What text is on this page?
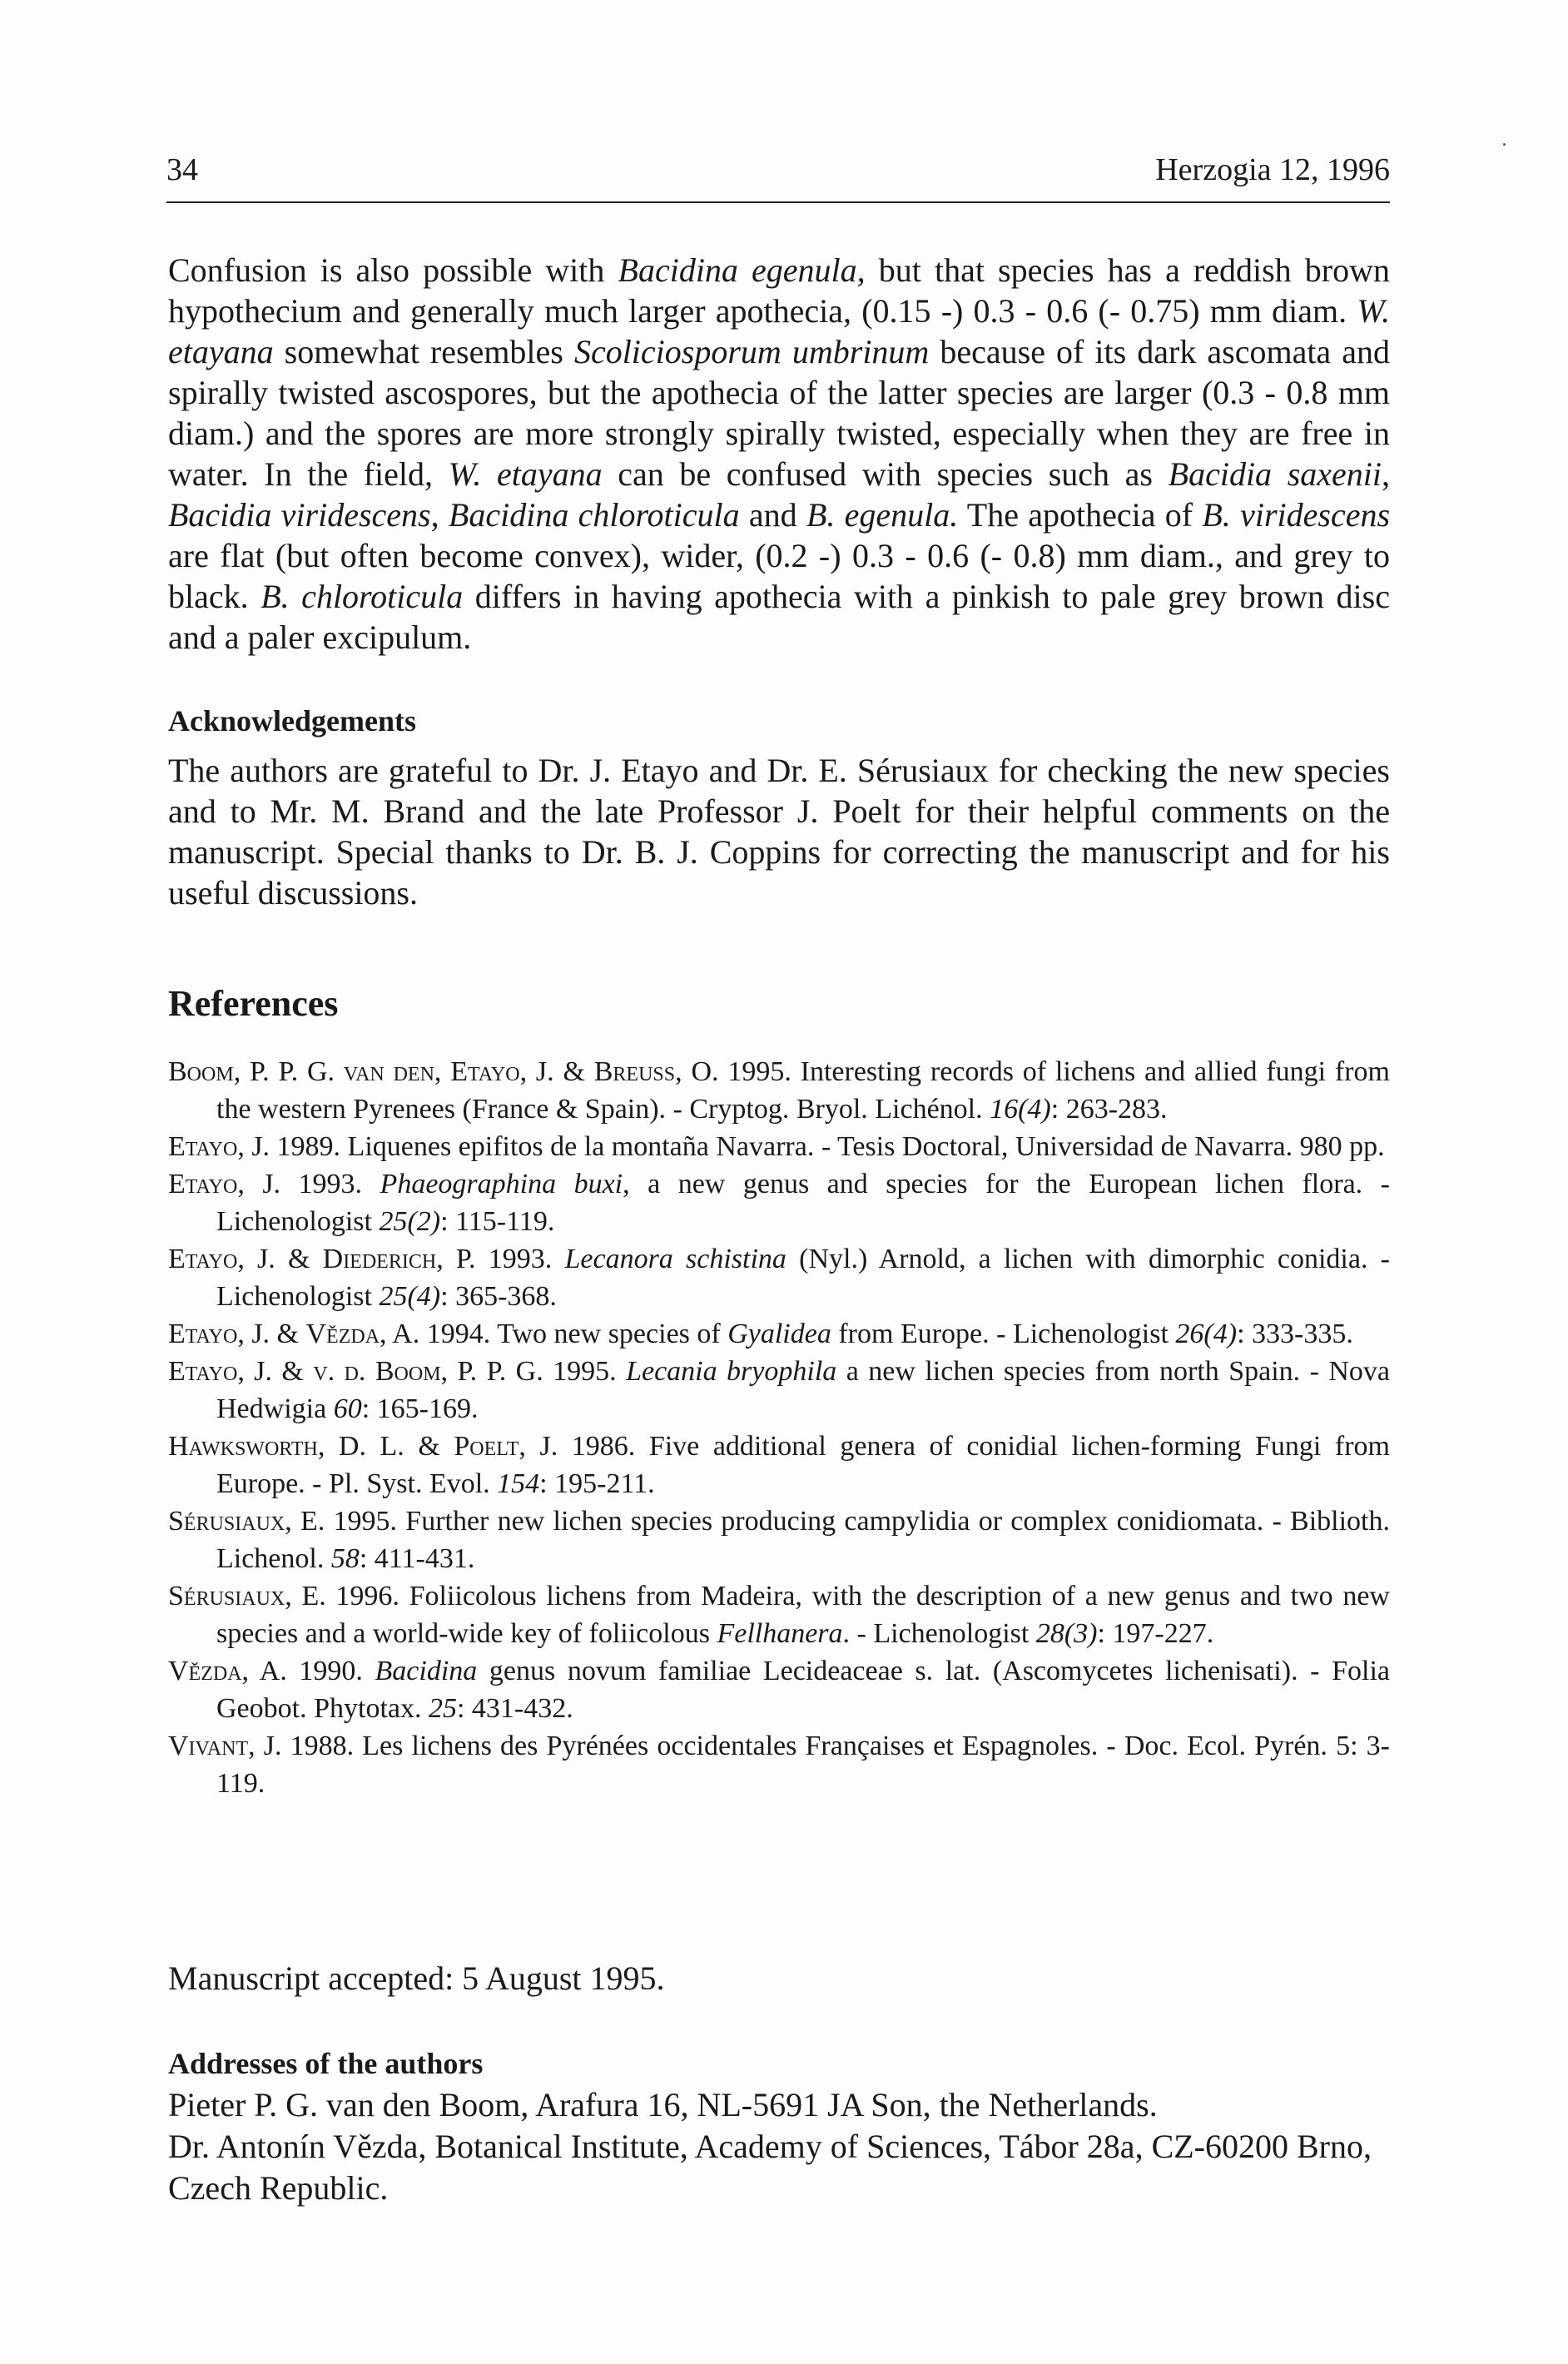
34	Herzogia 12, 1996

Confusion is also possible with Bacidina egenula, but that species has a reddish brown hypothecium and generally much larger apothecia, (0.15 -) 0.3 - 0.6 (- 0.75) mm diam. W. etayana somewhat resembles Scoliciosporum umbrinum because of its dark ascomata and spirally twisted ascospores, but the apothecia of the latter species are larger (0.3 - 0.8 mm diam.) and the spores are more strongly spirally twisted, especially when they are free in water. In the field, W. etayana can be confused with species such as Bacidia saxenii, Bacidia viridescens, Bacidina chloroticula and B. egenula. The apothecia of B. viridescens are flat (but often become convex), wider, (0.2 -) 0.3 - 0.6 (- 0.8) mm diam., and grey to black. B. chloroticula differs in having apothecia with a pinkish to pale grey brown disc and a paler excipulum.

Acknowledgements

The authors are grateful to Dr. J. Etayo and Dr. E. Sérusiaux for checking the new species and to Mr. M. Brand and the late Professor J. Poelt for their helpful comments on the manuscript. Special thanks to Dr. B. J. Coppins for correcting the manuscript and for his useful discussions.

References

Boom, P. P. G. van den, Etayo, J. & Breuss, O. 1995. Interesting records of lichens and allied fungi from the western Pyrenees (France & Spain). - Cryptog. Bryol. Lichénol. 16(4): 263-283.

Etayo, J. 1989. Liquenes epifitos de la montaña Navarra. - Tesis Doctoral, Universidad de Navarra. 980 pp.

Etayo, J. 1993. Phaeographina buxi, a new genus and species for the European lichen flora. - Lichenologist 25(2): 115-119.

Etayo, J. & Diederich, P. 1993. Lecanora schistina (Nyl.) Arnold, a lichen with dimorphic conidia. - Lichenologist 25(4): 365-368.

Etayo, J. & Vězda, A. 1994. Two new species of Gyalidea from Europe. - Lichenologist 26(4): 333-335.

Etayo, J. & v. d. Boom, P. P. G. 1995. Lecania bryophila a new lichen species from north Spain. - Nova Hedwigia 60: 165-169.

Hawksworth, D. L. & Poelt, J. 1986. Five additional genera of conidial lichen-forming Fungi from Europe. - Pl. Syst. Evol. 154: 195-211.

Sérusiaux, E. 1995. Further new lichen species producing campylidia or complex conidiomata. - Biblioth. Lichenol. 58: 411-431.

Sérusiaux, E. 1996. Foliicolous lichens from Madeira, with the description of a new genus and two new species and a world-wide key of foliicolous Fellhanera. - Lichenologist 28(3): 197-227.

Vězda, A. 1990. Bacidina genus novum familiae Lecideaceae s. lat. (Ascomycetes lichenisati). - Folia Geobot. Phytotax. 25: 431-432.

Vivant, J. 1988. Les lichens des Pyrénées occidentales Françaises et Espagnoles. - Doc. Ecol. Pyrén. 5: 3-119.

Manuscript accepted: 5 August 1995.

Addresses of the authors

Pieter P. G. van den Boom, Arafura 16, NL-5691 JA Son, the Netherlands.

Dr. Antonín Vězda, Botanical Institute, Academy of Sciences, Tábor 28a, CZ-60200 Brno, Czech Republic.
